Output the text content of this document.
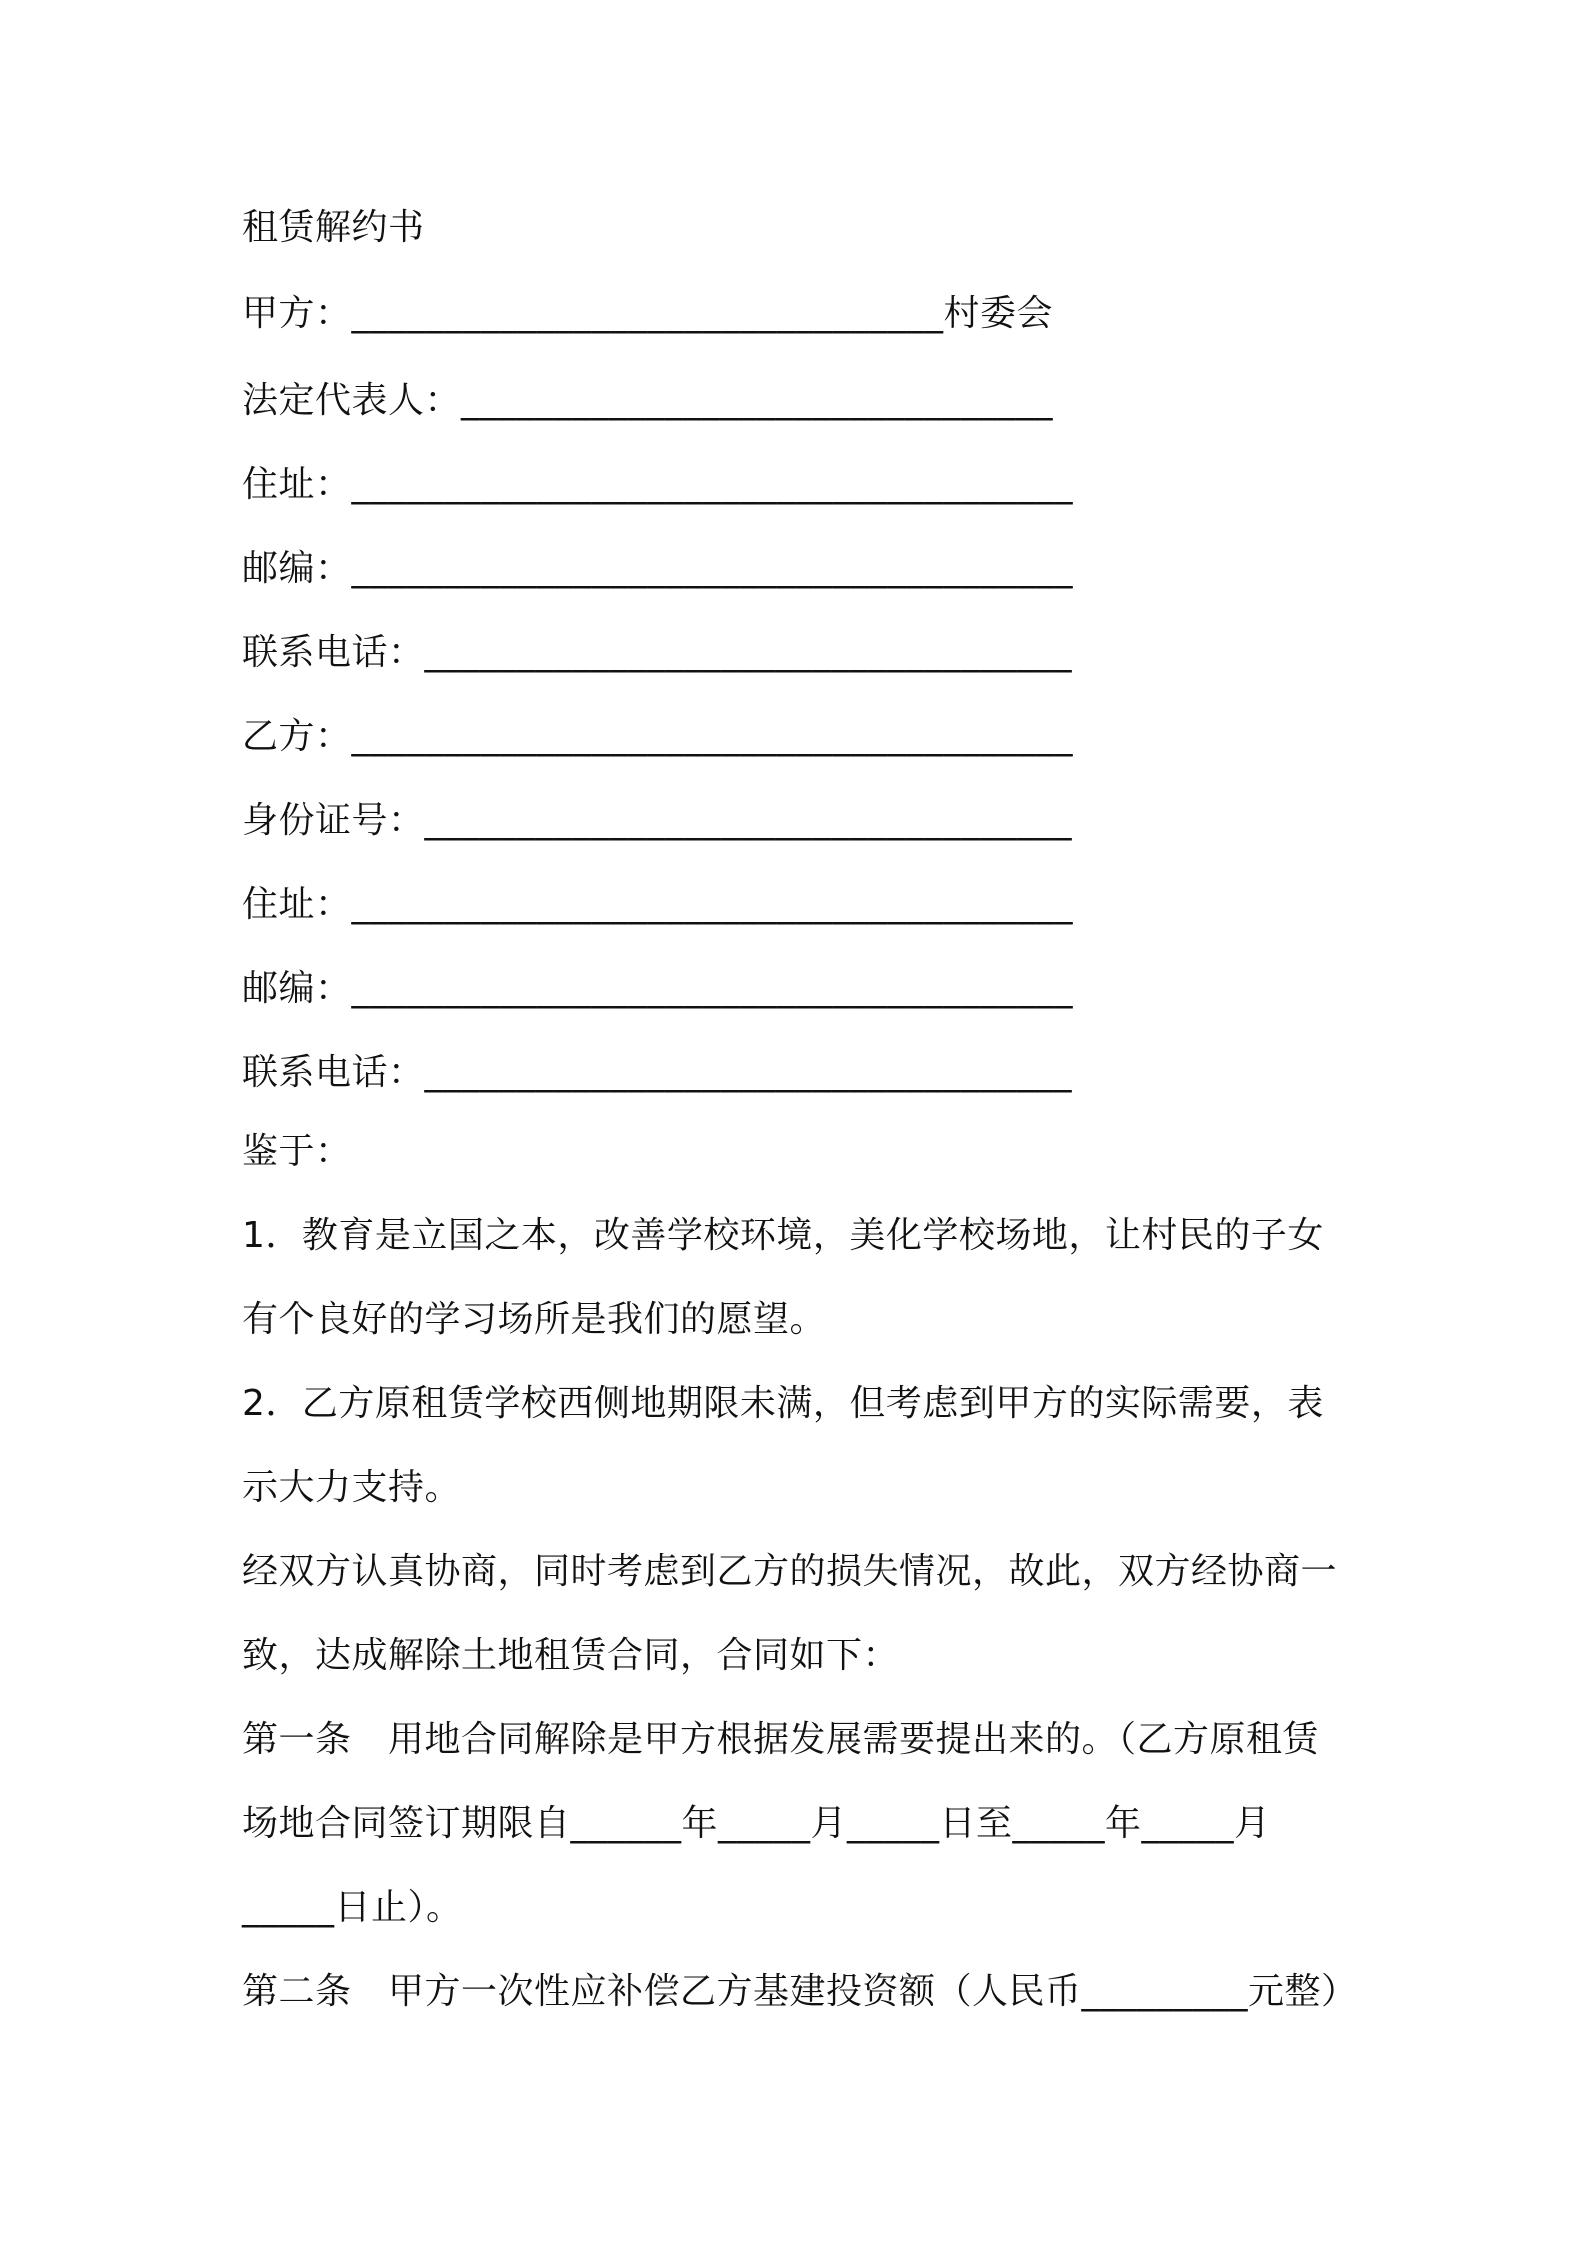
租赁解约书
甲方：________________________________村委会
法定代表人：________________________________
住址：_______________________________________
邮编：_______________________________________
联系电话：___________________________________
乙方：_______________________________________
身份证号：___________________________________
住址：_______________________________________
邮编：_______________________________________
联系电话：___________________________________
鉴于：
1．教育是立国之本，改善学校环境，美化学校场地，让村民的子女
有个良好的学习场所是我们的愿望。
2．乙方原租赁学校西侧地期限未满，但考虑到甲方的实际需要，表
示大力支持。
经双方认真协商，同时考虑到乙方的损失情况，故此，双方经协商一
致，达成解除土地租赁合同，合同如下：
第一条　用地合同解除是甲方根据发展需要提出来的。（乙方原租赁
场地合同签订期限自______年_____月_____日至_____年_____月
_____日止）。
第二条　甲方一次性应补偿乙方基建投资额（人民币_________元整）
